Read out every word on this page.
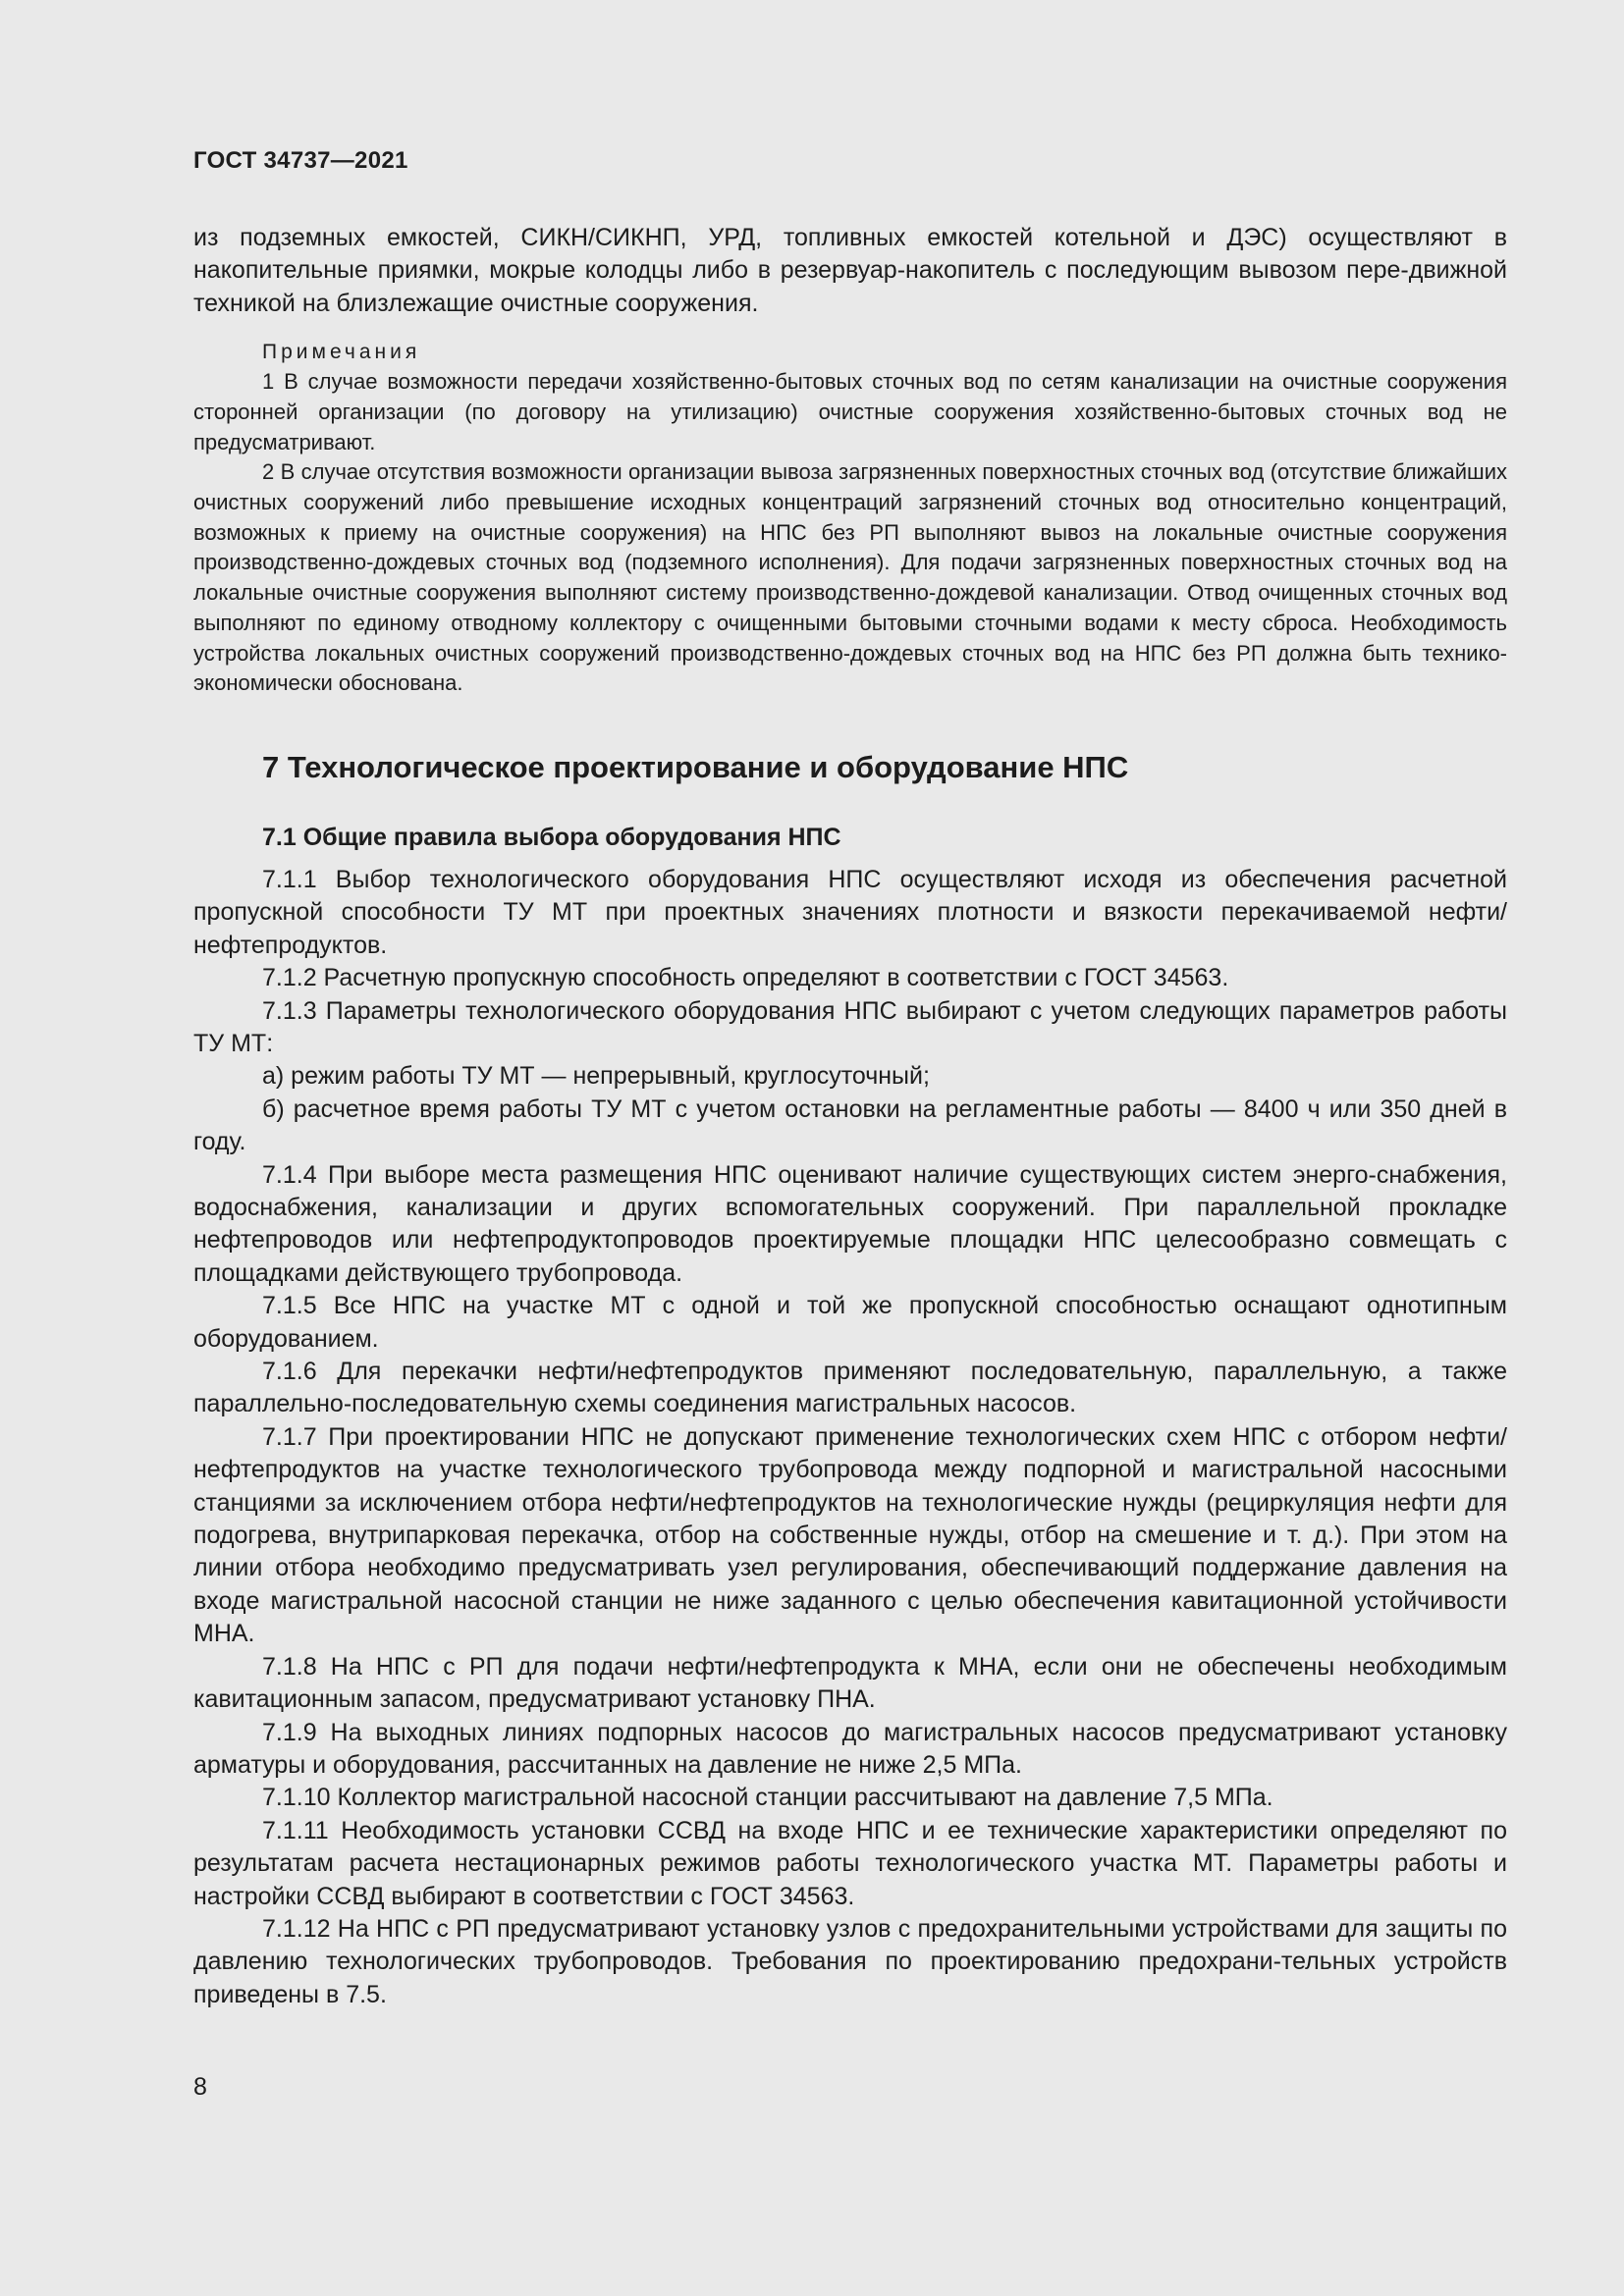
ГОСТ 34737—2021

из подземных емкостей, СИКН/СИКНП, УРД, топливных емкостей котельной и ДЭС) осуществляют в накопительные приямки, мокрые колодцы либо в резервуар-накопитель с последующим вывозом пере-движной техникой на близлежащие очистные сооружения.

Примечания

1 В случае возможности передачи хозяйственно-бытовых сточных вод по сетям канализации на очистные сооружения сторонней организации (по договору на утилизацию) очистные сооружения хозяйственно-бытовых сточных вод не предусматривают.

2 В случае отсутствия возможности организации вывоза загрязненных поверхностных сточных вод (отсутствие ближайших очистных сооружений либо превышение исходных концентраций загрязнений сточных вод относительно концентраций, возможных к приему на очистные сооружения) на НПС без РП выполняют вывоз на локальные очистные сооружения производственно-дождевых сточных вод (подземного исполнения). Для подачи загрязненных поверхностных сточных вод на локальные очистные сооружения выполняют систему производственно-дождевой канализации. Отвод очищенных сточных вод выполняют по единому отводному коллектору с очищенными бытовыми сточными водами к месту сброса. Необходимость устройства локальных очистных сооружений производственно-дождевых сточных вод на НПС без РП должна быть технико-экономически обоснована.

7 Технологическое проектирование и оборудование НПС
7.1 Общие правила выбора оборудования НПС

7.1.1 Выбор технологического оборудования НПС осуществляют исходя из обеспечения расчетной пропускной способности ТУ МТ при проектных значениях плотности и вязкости перекачиваемой нефти/ нефтепродуктов.

7.1.2 Расчетную пропускную способность определяют в соответствии с ГОСТ 34563.

7.1.3 Параметры технологического оборудования НПС выбирают с учетом следующих параметров работы ТУ МТ:

а) режим работы ТУ МТ — непрерывный, круглосуточный;

б) расчетное время работы ТУ МТ с учетом остановки на регламентные работы — 8400 ч или 350 дней в году.

7.1.4 При выборе места размещения НПС оценивают наличие существующих систем энерго-снабжения, водоснабжения, канализации и других вспомогательных сооружений. При параллельной прокладке нефтепроводов или нефтепродуктопроводов проектируемые площадки НПС целесообразно совмещать с площадками действующего трубопровода.

7.1.5 Все НПС на участке МТ с одной и той же пропускной способностью оснащают однотипным оборудованием.

7.1.6 Для перекачки нефти/нефтепродуктов применяют последовательную, параллельную, а также параллельно-последовательную схемы соединения магистральных насосов.

7.1.7 При проектировании НПС не допускают применение технологических схем НПС с отбором нефти/нефтепродуктов на участке технологического трубопровода между подпорной и магистральной насосными станциями за исключением отбора нефти/нефтепродуктов на технологические нужды (рециркуляция нефти для подогрева, внутрипарковая перекачка, отбор на собственные нужды, отбор на смешение и т. д.). При этом на линии отбора необходимо предусматривать узел регулирования, обеспечивающий поддержание давления на входе магистральной насосной станции не ниже заданного с целью обеспечения кавитационной устойчивости МНА.

7.1.8 На НПС с РП для подачи нефти/нефтепродукта к МНА, если они не обеспечены необходимым кавитационным запасом, предусматривают установку ПНА.

7.1.9 На выходных линиях подпорных насосов до магистральных насосов предусматривают установку арматуры и оборудования, рассчитанных на давление не ниже 2,5 МПа.

7.1.10 Коллектор магистральной насосной станции рассчитывают на давление 7,5 МПа.

7.1.11 Необходимость установки ССВД на входе НПС и ее технические характеристики определяют по результатам расчета нестационарных режимов работы технологического участка МТ. Параметры работы и настройки ССВД выбирают в соответствии с ГОСТ 34563.

7.1.12 На НПС с РП предусматривают установку узлов с предохранительными устройствами для защиты по давлению технологических трубопроводов. Требования по проектированию предохрани-тельных устройств приведены в 7.5.

8
